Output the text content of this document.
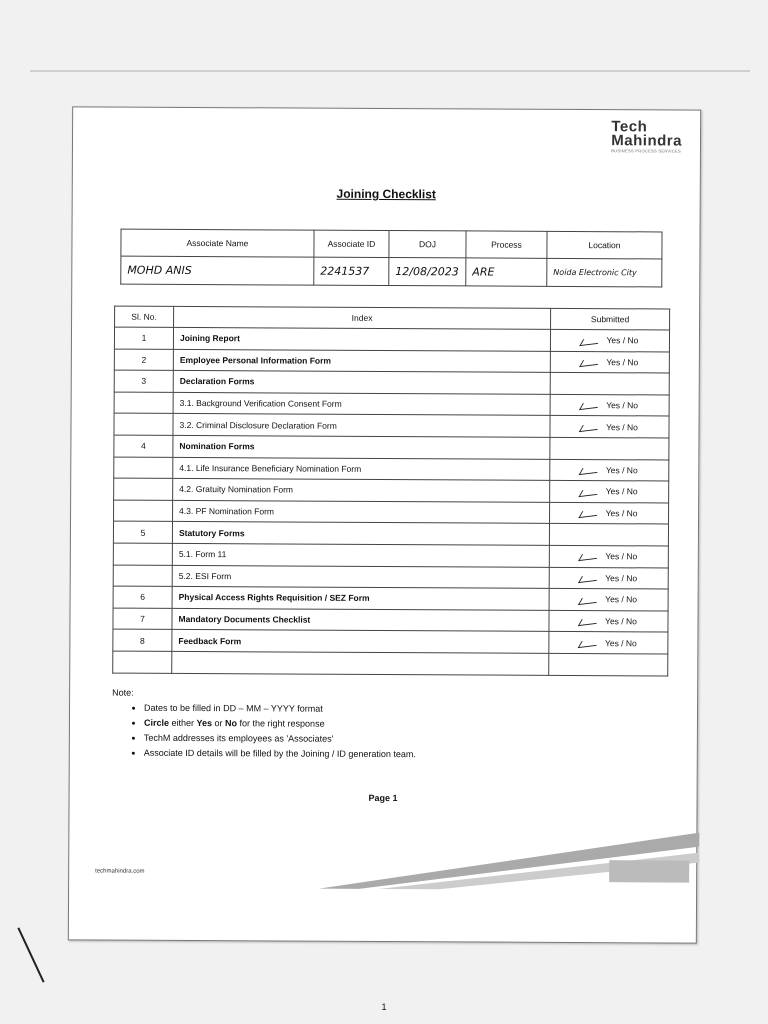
Tech
Mahindra
BUSINESS PROCESS SERVICES
Joining Checklist
Associate Name	Associate ID	DOJ	Process	Location
MOHD ANIS	2241537	12/08/2023	ARE	Noida Electronic City
Sl. No.	Index	Submitted
1	Joining Report	Yes / No
2	Employee Personal Information Form	Yes / No
3	Declaration Forms	
	3.1. Background Verification Consent Form	Yes / No
	3.2. Criminal Disclosure Declaration Form	Yes / No
4	Nomination Forms	
	4.1. Life Insurance Beneficiary Nomination Form	Yes / No
	4.2. Gratuity Nomination Form	Yes / No
	4.3. PF Nomination Form	Yes / No
5	Statutory Forms	
	5.1. Form 11	Yes / No
	5.2. ESI Form	Yes / No
6	Physical Access Rights Requisition / SEZ Form	Yes / No
7	Mandatory Documents Checklist	Yes / No
8	Feedback Form	Yes / No

Note:
• Dates to be filled in DD – MM – YYYY format
• Circle either Yes or No for the right response
• TechM addresses its employees as 'Associates'
• Associate ID details will be filled by the Joining / ID generation team.
Page 1
techmahindra.com
1
